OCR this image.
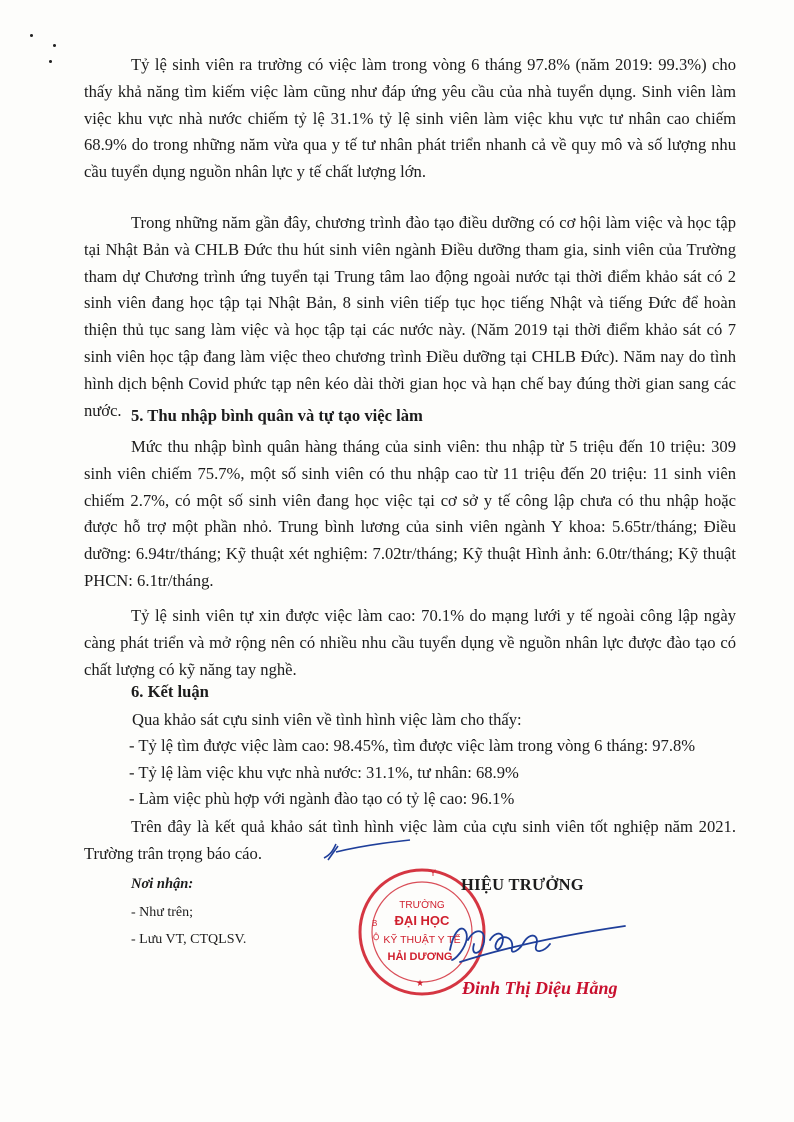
Tỷ lệ sinh viên ra trường có việc làm trong vòng 6 tháng 97.8% (năm 2019: 99.3%) cho thấy khả năng tìm kiếm việc làm cũng như đáp ứng yêu cầu của nhà tuyển dụng. Sinh viên làm việc khu vực nhà nước chiếm tỷ lệ 31.1% tỷ lệ sinh viên làm việc khu vực tư nhân cao chiếm 68.9% do trong những năm vừa qua y tế tư nhân phát triển nhanh cả về quy mô và số lượng nhu cầu tuyển dụng nguồn nhân lực y tế chất lượng lớn.

Trong những năm gần đây, chương trình đào tạo điều dưỡng có cơ hội làm việc và học tập tại Nhật Bản và CHLB Đức thu hút sinh viên ngành Điều dưỡng tham gia, sinh viên của Trường tham dự Chương trình ứng tuyển tại Trung tâm lao động ngoài nước tại thời điểm khảo sát có 2 sinh viên đang học tập tại Nhật Bản, 8 sinh viên tiếp tục học tiếng Nhật và tiếng Đức để hoàn thiện thủ tục sang làm việc và học tập tại các nước này. (Năm 2019 tại thời điểm khảo sát có 7 sinh viên học tập đang làm việc theo chương trình Điều dưỡng tại CHLB Đức). Năm nay do tình hình dịch bệnh Covid phức tạp nên kéo dài thời gian học và hạn chế bay đúng thời gian sang các nước. 5. Thu nhập bình quân và tự tạo việc làm

Mức thu nhập bình quân hàng tháng của sinh viên: thu nhập từ 5 triệu đến 10 triệu: 309 sinh viên chiếm 75.7%, một số sinh viên có thu nhập cao từ 11 triệu đến 20 triệu: 11 sinh viên chiếm 2.7%, có một số sinh viên đang học việc tại cơ sở y tế công lập chưa có thu nhập hoặc được hỗ trợ một phần nhỏ. Trung bình lương của sinh viên ngành Y khoa: 5.65tr/tháng; Điều dưỡng: 6.94tr/tháng; Kỹ thuật xét nghiệm: 7.02tr/tháng; Kỹ thuật Hình ảnh: 6.0tr/tháng; Kỹ thuật PHCN: 6.1tr/tháng.

Tỷ lệ sinh viên tự xin được việc làm cao: 70.1% do mạng lưới y tế ngoài công lập ngày càng phát triển và mở rộng nên có nhiều nhu cầu tuyển dụng về nguồn nhân lực được đào tạo có chất lượng có kỹ năng tay nghề.

6. Kết luận

Qua khảo sát cựu sinh viên về tình hình việc làm cho thấy:

- Tỷ lệ tìm được việc làm cao: 98.45%, tìm được việc làm trong vòng 6 tháng: 97.8%

- Tỷ lệ làm việc khu vực nhà nước: 31.1%, tư nhân: 68.9%

- Làm việc phù hợp với ngành đào tạo có tỷ lệ cao: 96.1%

Trên đây là kết quả khảo sát tình hình việc làm của cựu sinh viên tốt nghiệp năm 2021. Trường trân trọng báo cáo.

Nơi nhận:
- Như trên;
- Lưu VT, CTQLSV.
Y
B
Ộ
TRƯỜNG
ĐẠI HỌC
KỸ THUẬT Y TẾ
HẢI DƯƠNG
★
HIỆU TRƯỞNG
Đinh Thị Diệu Hằng
